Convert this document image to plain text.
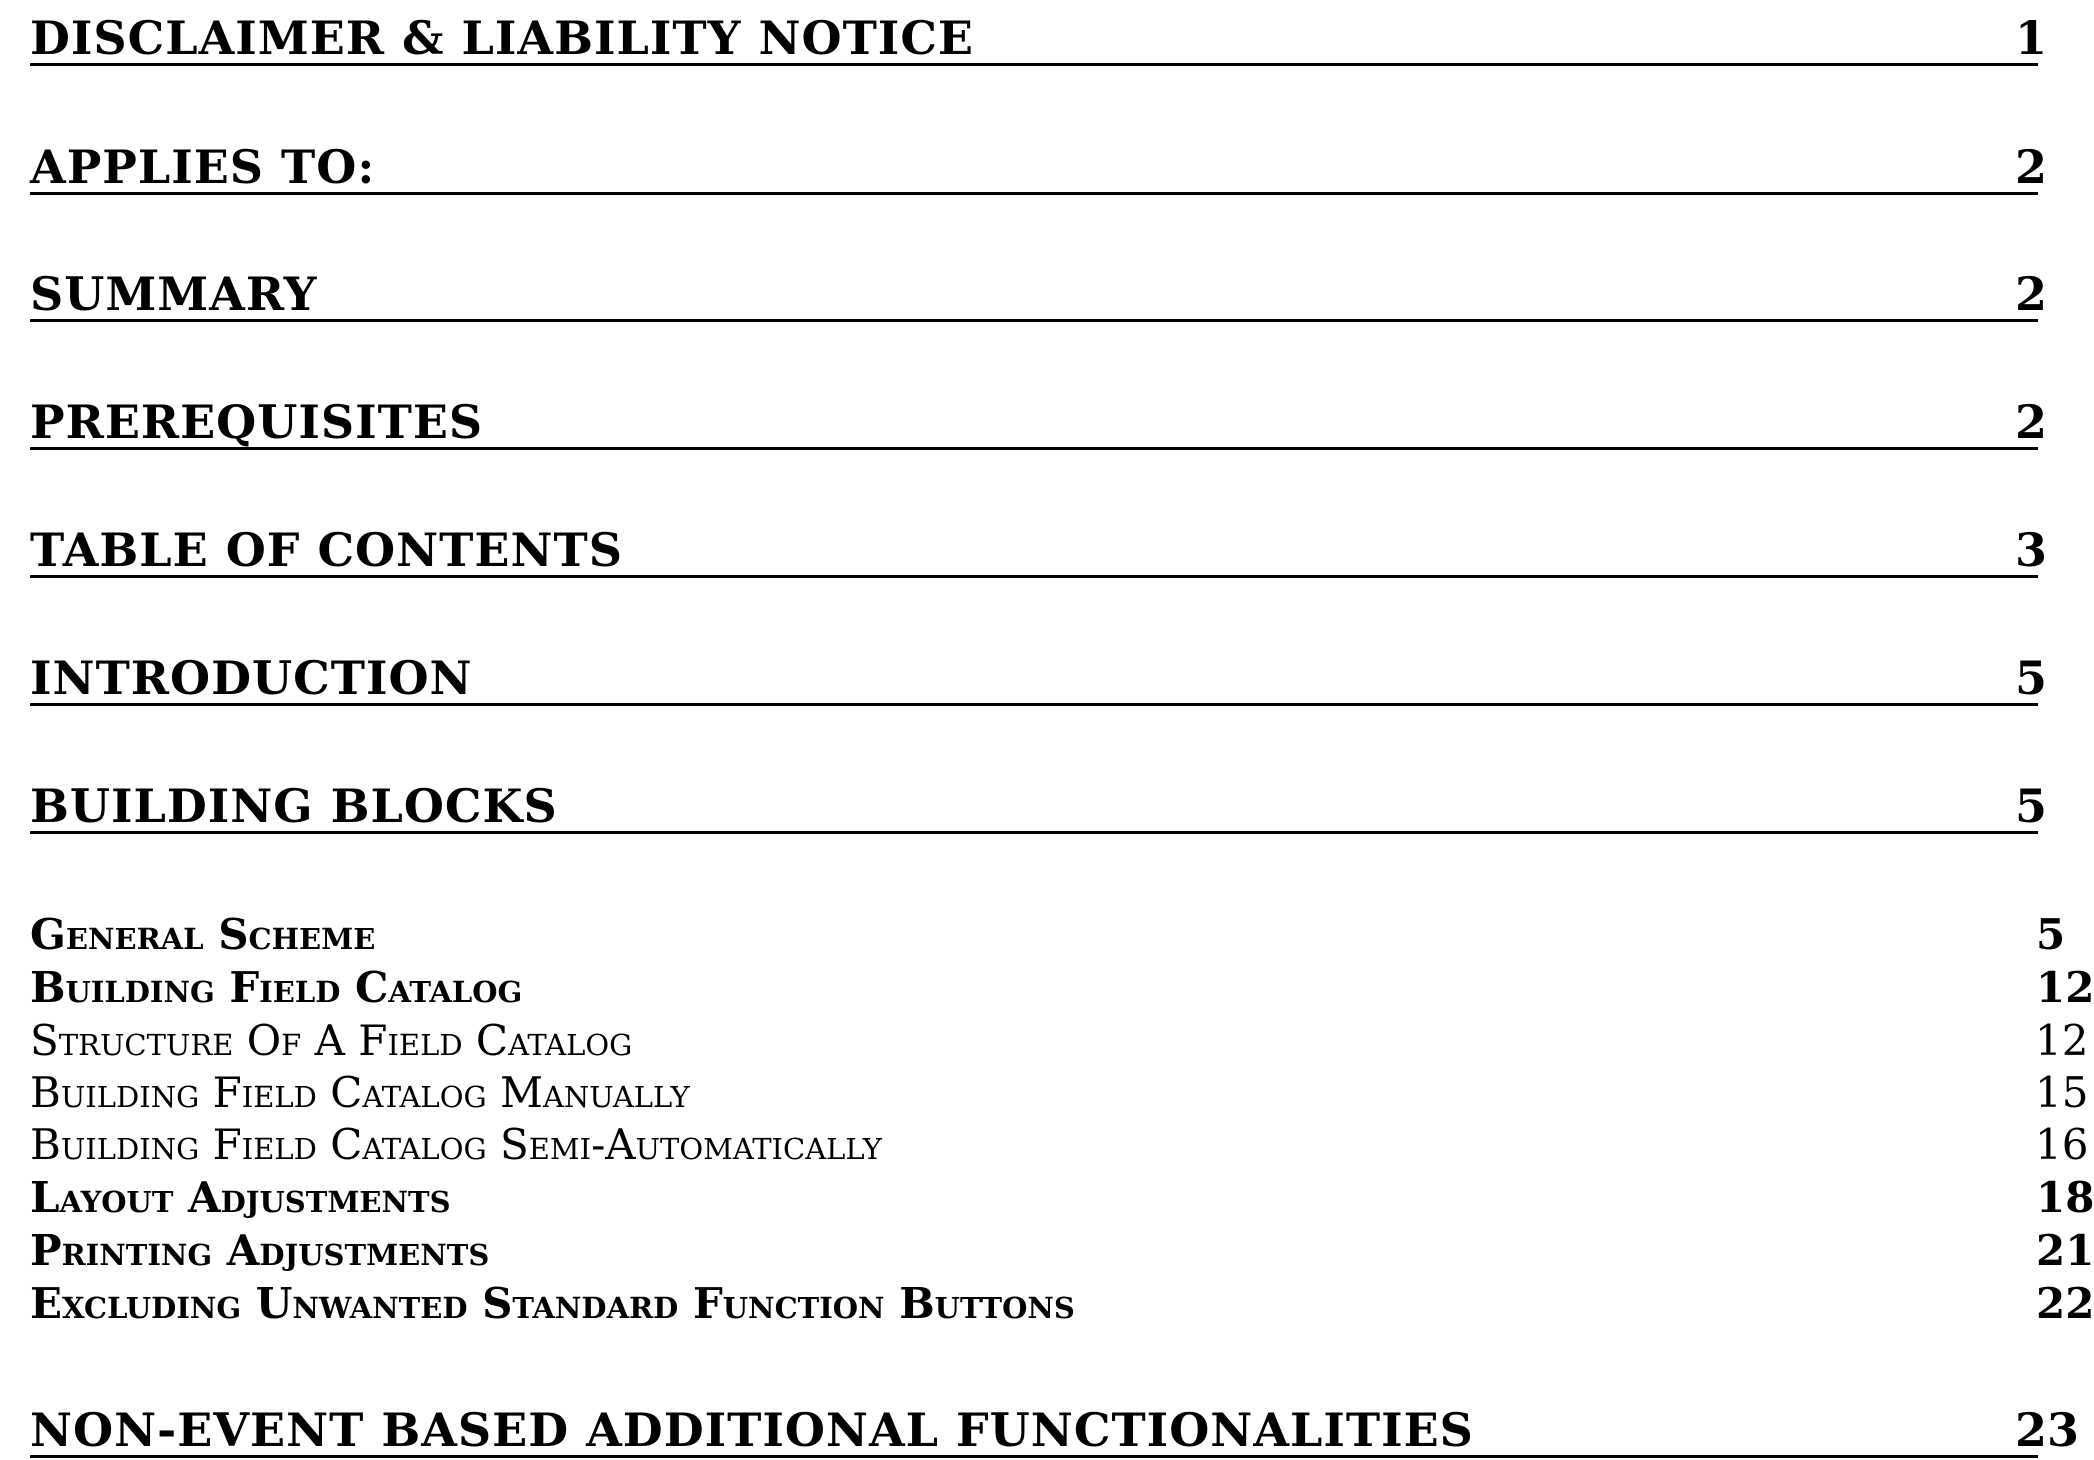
DISCLAIMER & LIABILITY NOTICE	1
APPLIES TO:	2
SUMMARY	2
PREREQUISITES	2
TABLE OF CONTENTS	3
INTRODUCTION	5
BUILDING BLOCKS	5
General Scheme	5
Building Field Catalog	12
Structure Of A Field Catalog	12
Building Field Catalog Manually	15
Building Field Catalog Semi-Automatically	16
Layout Adjustments	18
Printing Adjustments	21
Excluding Unwanted Standard Function Buttons	22
NON-EVENT BASED ADDITIONAL FUNCTIONALITIES	23
